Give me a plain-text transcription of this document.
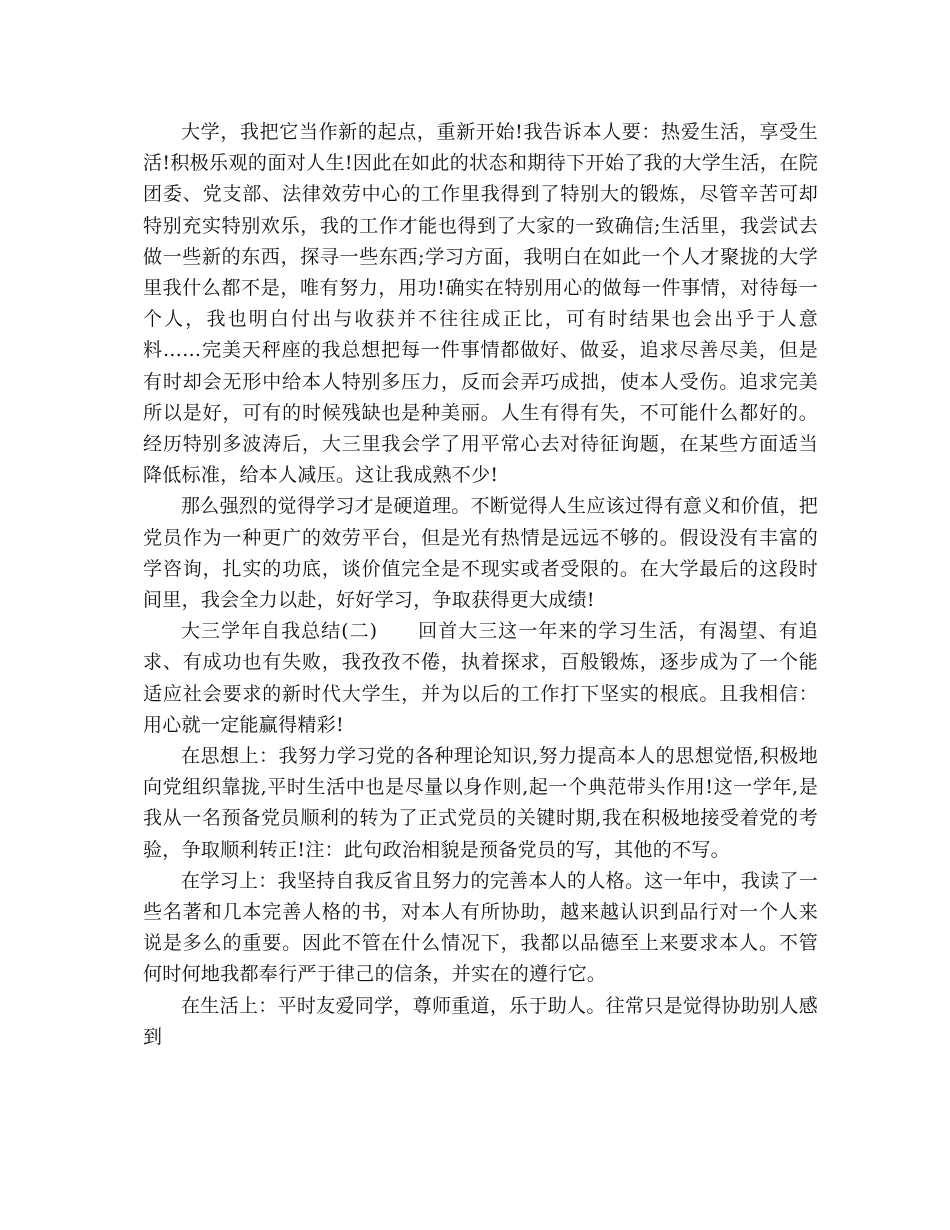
大学，我把它当作新的起点，重新开始!我告诉本人要：热爱生活，享受生活!积极乐观的面对人生!因此在如此的状态和期待下开始了我的大学生活，在院团委、党支部、法律效劳中心的工作里我得到了特别大的锻炼，尽管辛苦可却特别充实特别欢乐，我的工作才能也得到了大家的一致确信;生活里，我尝试去做一些新的东西，探寻一些东西;学习方面，我明白在如此一个人才聚拢的大学里我什么都不是，唯有努力，用功!确实在特别用心的做每一件事情，对待每一个人，我也明白付出与收获并不往往成正比，可有时结果也会出乎于人意料……完美天秤座的我总想把每一件事情都做好、做妥，追求尽善尽美，但是有时却会无形中给本人特别多压力，反而会弄巧成拙，使本人受伤。追求完美所以是好，可有的时候残缺也是种美丽。人生有得有失，不可能什么都好的。经历特别多波涛后，大三里我会学了用平常心去对待征询题，在某些方面适当降低标准，给本人减压。这让我成熟不少!

那么强烈的觉得学习才是硬道理。不断觉得人生应该过得有意义和价值，把党员作为一种更广的效劳平台，但是光有热情是远远不够的。假设没有丰富的学咨询，扎实的功底，谈价值完全是不现实或者受限的。在大学最后的这段时间里，我会全力以赴，好好学习，争取获得更大成绩!

大三学年自我总结(二)　　 回首大三这一年来的学习生活，有渴望、有追求、有成功也有失败，我孜孜不倦，执着探求，百般锻炼，逐步成为了一个能适应社会要求的新时代大学生，并为以后的工作打下坚实的根底。且我相信：用心就一定能赢得精彩!

在思想上：我努力学习党的各种理论知识,努力提高本人的思想觉悟,积极地向党组织靠拢,平时生活中也是尽量以身作则,起一个典范带头作用!这一学年,是我从一名预备党员顺利的转为了正式党员的关键时期,我在积极地接受着党的考验，争取顺利转正!注：此句政治相貌是预备党员的写，其他的不写。

在学习上：我坚持自我反省且努力的完善本人的人格。这一年中，我读了一些名著和几本完善人格的书，对本人有所协助，越来越认识到品行对一个人来说是多么的重要。因此不管在什么情况下，我都以品德至上来要求本人。不管何时何地我都奉行严于律己的信条，并实在的遵行它。

在生活上：平时友爱同学，尊师重道，乐于助人。往常只是觉得协助别人感到
